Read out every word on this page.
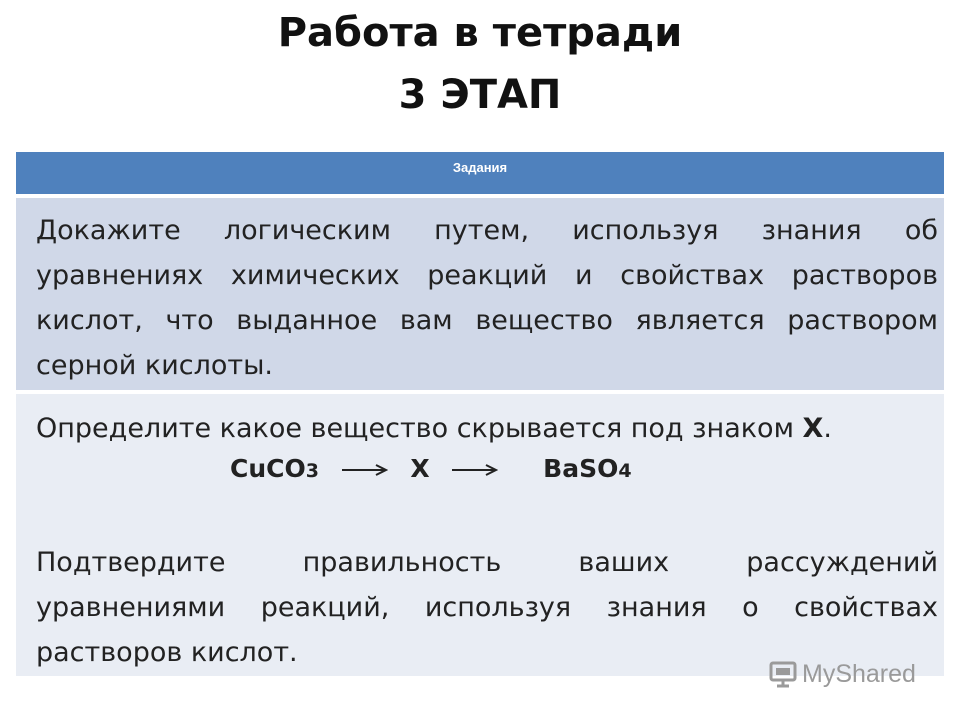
Работа в тетради
3 ЭТАП
Задания

Докажите логическим путем, используя знания об
уравнениях химических реакций и свойствах растворов
кислот, что выданное вам вещество является раствором
серной кислоты.

Определите какое вещество скрывается под знаком X.

CuCO3	X	BaSO4

Подтвердите правильность ваших рассуждений
уравнениями реакций, используя знания о свойствах
растворов кислот.

MyShared
